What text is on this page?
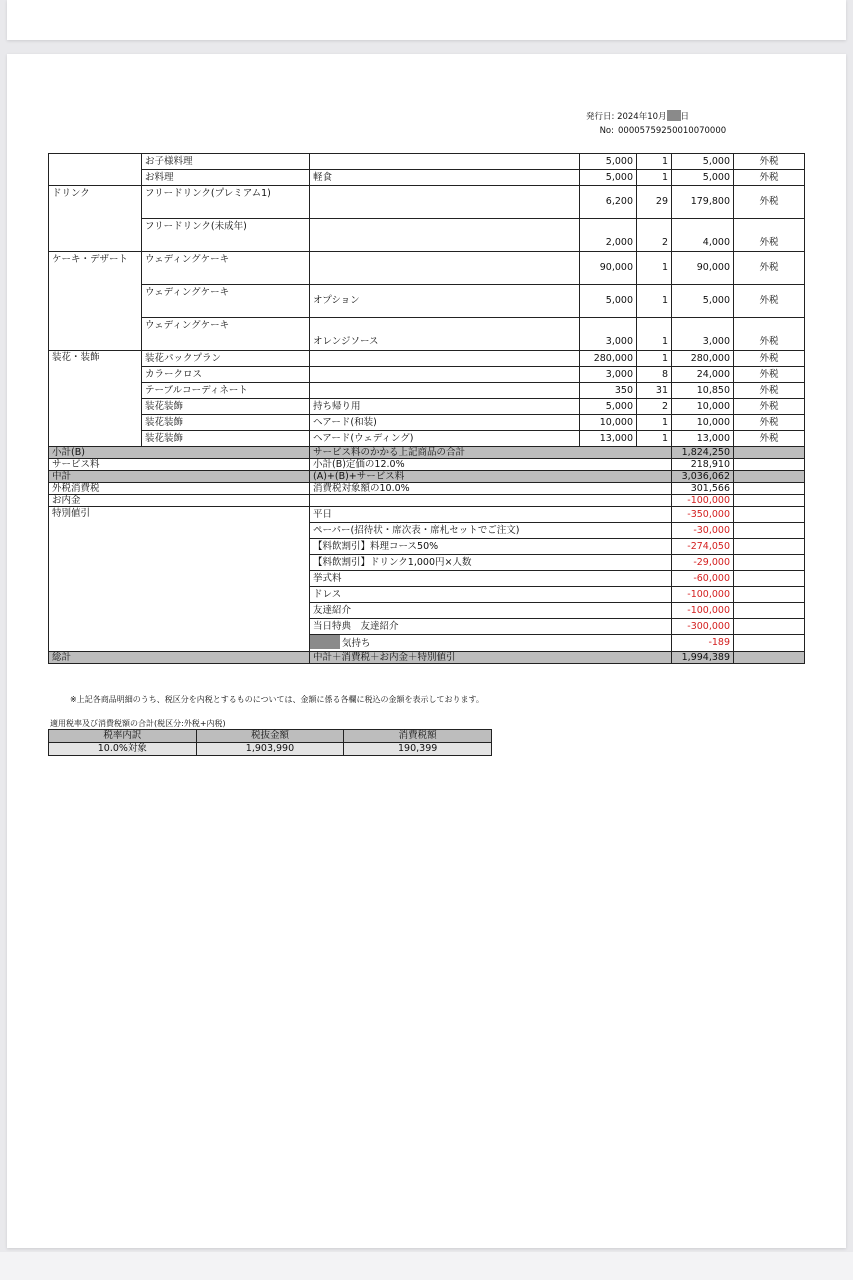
発行日: 2024年10月 日
No: 00005759250010070000
	お子様料理		5,000	1	5,000	外税
	お料理	軽食	5,000	1	5,000	外税
ドリンク	フリードリンク(プレミアム1)		6,200	29	179,800	外税
	フリードリンク(未成年)		2,000	2	4,000	外税
ケーキ・デザート	ウェディングケーキ		90,000	1	90,000	外税
	ウェディングケーキ	オプション	5,000	1	5,000	外税
	ウェディングケーキ	オレンジソース	3,000	1	3,000	外税
装花・装飾	装花パックプラン		280,000	1	280,000	外税
	カラークロス		3,000	8	24,000	外税
	テーブルコーディネート		350	31	10,850	外税
	装花装飾	持ち帰り用	5,000	2	10,000	外税
	装花装飾	ヘアード(和装)	10,000	1	10,000	外税
	装花装飾	ヘアード(ウェディング)	13,000	1	13,000	外税
小計(B)		サービス料のかかる上記商品の合計			1,824,250	
サービス料		小計(B)定価の12.0%			218,910	
中計		(A)+(B)+サービス料			3,036,062	
外税消費税		消費税対象額の10.0%			301,566	
お内金					-100,000	
特別値引		平日			-350,000	
		ペーパー(招待状・席次表・席札セットでご注文)			-30,000	
		【料飲割引】料理コース50%			-274,050	
		【料飲割引】ドリンク1,000円×人数			-29,000	
		挙式料			-60,000	
		ドレス			-100,000	
		友達紹介			-100,000	
		当日特典　友達紹介			-300,000	
		気持ち			-189	
総計		中計＋消費税＋お内金＋特別値引			1,994,389	
※上記各商品明細のうち、税区分を内税とするものについては、金額に係る各欄に税込の金額を表示しております。
適用税率及び消費税額の合計(税区分:外税+内税)
税率内訳	税抜金額	消費税額
10.0%対象	1,903,990	190,399
